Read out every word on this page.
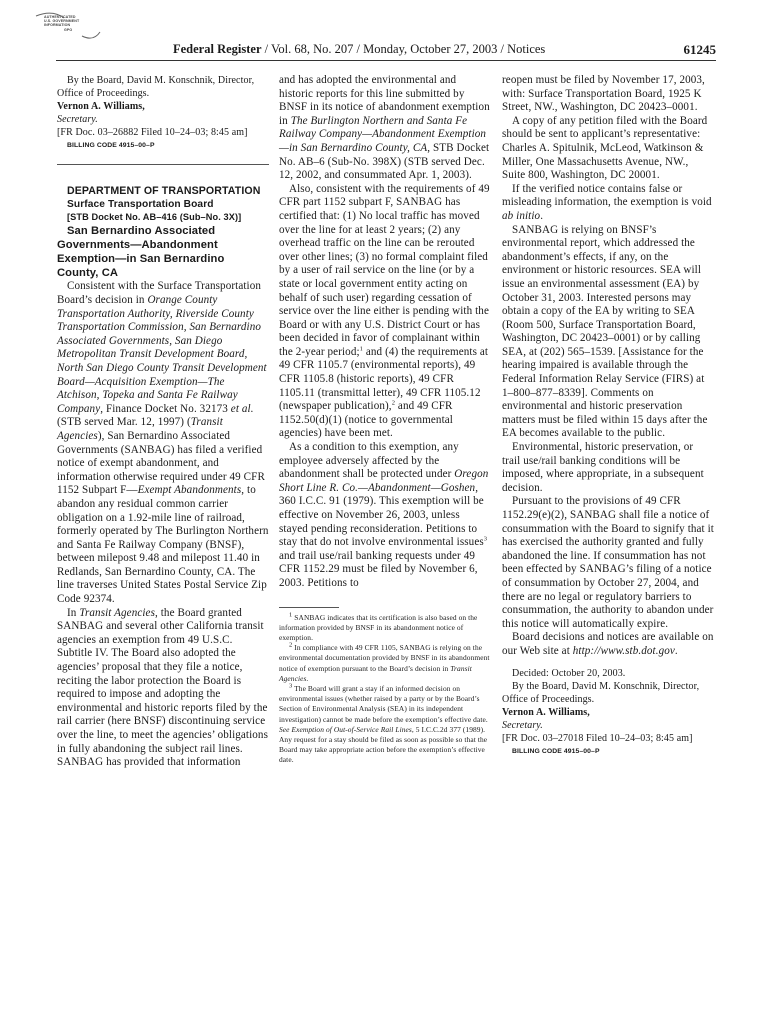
AUTHENTICATED
U.S. GOVERNMENT
INFORMATION
GPO
Federal Register / Vol. 68, No. 207 / Monday, October 27, 2003 / Notices	61245

By the Board, David M. Konschnik, Director, Office of Proceedings.

Vernon A. Williams,

Secretary.

[FR Doc. 03–26882 Filed 10–24–03; 8:45 am]

BILLING CODE 4915–00–P

DEPARTMENT OF TRANSPORTATION

Surface Transportation Board

[STB Docket No. AB–416 (Sub–No. 3X)]

San Bernardino Associated Governments—Abandonment Exemption—in San Bernardino County, CA

Consistent with the Surface Transportation Board’s decision in Orange County Transportation Authority, Riverside County Transportation Commission, San Bernardino Associated Governments, San Diego Metropolitan Transit Development Board, North San Diego County Transit Development Board—Acquisition Exemption—The Atchison, Topeka and Santa Fe Railway Company, Finance Docket No. 32173 et al. (STB served Mar. 12, 1997) (Transit Agencies), San Bernardino Associated Governments (SANBAG) has filed a verified notice of exempt abandonment, and information otherwise required under 49 CFR 1152 Subpart F—Exempt Abandonments, to abandon any residual common carrier obligation on a 1.92-mile line of railroad, formerly operated by The Burlington Northern and Santa Fe Railway Company (BNSF), between milepost 9.48 and milepost 11.40 in Redlands, San Bernardino County, CA. The line traverses United States Postal Service Zip Code 92374.

In Transit Agencies, the Board granted SANBAG and several other California transit agencies an exemption from 49 U.S.C. Subtitle IV. The Board also adopted the agencies’ proposal that they file a notice, reciting the labor protection the Board is required to impose and adopting the environmental and historic reports filed by the rail carrier (here BNSF) discontinuing service over the line, to meet the agencies’ obligations in fully abandoning the subject rail lines. SANBAG has provided that information

and has adopted the environmental and historic reports for this line submitted by BNSF in its notice of abandonment exemption in The Burlington Northern and Santa Fe Railway Company—Abandonment Exemption—in San Bernardino County, CA, STB Docket No. AB–6 (Sub-No. 398X) (STB served Dec. 12, 2002, and consummated Apr. 1, 2003).

Also, consistent with the requirements of 49 CFR part 1152 subpart F, SANBAG has certified that: (1) No local traffic has moved over the line for at least 2 years; (2) any overhead traffic on the line can be rerouted over other lines; (3) no formal complaint filed by a user of rail service on the line (or by a state or local government entity acting on behalf of such user) regarding cessation of service over the line either is pending with the Board or with any U.S. District Court or has been decided in favor of complainant within the 2-year period;$^1$ and (4) the requirements at 49 CFR 1105.7 (environmental reports), 49 CFR 1105.8 (historic reports), 49 CFR 1105.11 (transmittal letter), 49 CFR 1105.12 (newspaper publication),$^2$ and 49 CFR 1152.50(d)(1) (notice to governmental agencies) have been met.

As a condition to this exemption, any employee adversely affected by the abandonment shall be protected under Oregon Short Line R. Co.—Abandonment—Goshen, 360 I.C.C. 91 (1979). This exemption will be effective on November 26, 2003, unless stayed pending reconsideration. Petitions to stay that do not involve environmental issues$^3$ and trail use/rail banking requests under 49 CFR 1152.29 must be filed by November 6, 2003. Petitions to

$^1$ SANBAG indicates that its certification is also based on the information provided by BNSF in its abandonment notice of exemption.

$^2$ In compliance with 49 CFR 1105, SANBAG is relying on the environmental documentation provided by BNSF in its abandonment notice of exemption pursuant to the Board’s decision in Transit Agencies.

$^3$ The Board will grant a stay if an informed decision on environmental issues (whether raised by a party or by the Board’s Section of Environmental Analysis (SEA) in its independent investigation) cannot be made before the exemption’s effective date. See Exemption of Out-of-Service Rail Lines, 5 I.C.C.2d 377 (1989). Any request for a stay should be filed as soon as possible so that the Board may take appropriate action before the exemption’s effective date.

reopen must be filed by November 17, 2003, with: Surface Transportation Board, 1925 K Street, NW., Washington, DC 20423–0001.

A copy of any petition filed with the Board should be sent to applicant’s representative: Charles A. Spitulnik, McLeod, Watkinson & Miller, One Massachusetts Avenue, NW., Suite 800, Washington, DC 20001.

If the verified notice contains false or misleading information, the exemption is void ab initio.

SANBAG is relying on BNSF’s environmental report, which addressed the abandonment’s effects, if any, on the environment or historic resources. SEA will issue an environmental assessment (EA) by October 31, 2003. Interested persons may obtain a copy of the EA by writing to SEA (Room 500, Surface Transportation Board, Washington, DC 20423–0001) or by calling SEA, at (202) 565–1539. [Assistance for the hearing impaired is available through the Federal Information Relay Service (FIRS) at 1–800–877–8339]. Comments on environmental and historic preservation matters must be filed within 15 days after the EA becomes available to the public.

Environmental, historic preservation, or trail use/rail banking conditions will be imposed, where appropriate, in a subsequent decision.

Pursuant to the provisions of 49 CFR 1152.29(e)(2), SANBAG shall file a notice of consummation with the Board to signify that it has exercised the authority granted and fully abandoned the line. If consummation has not been effected by SANBAG’s filing of a notice of consummation by October 27, 2004, and there are no legal or regulatory barriers to consummation, the authority to abandon under this notice will automatically expire.

Board decisions and notices are available on our Web site at http://www.stb.dot.gov.

Decided: October 20, 2003.

By the Board, David M. Konschnik, Director, Office of Proceedings.

Vernon A. Williams,

Secretary.

[FR Doc. 03–27018 Filed 10–24–03; 8:45 am]

BILLING CODE 4915–00–P
